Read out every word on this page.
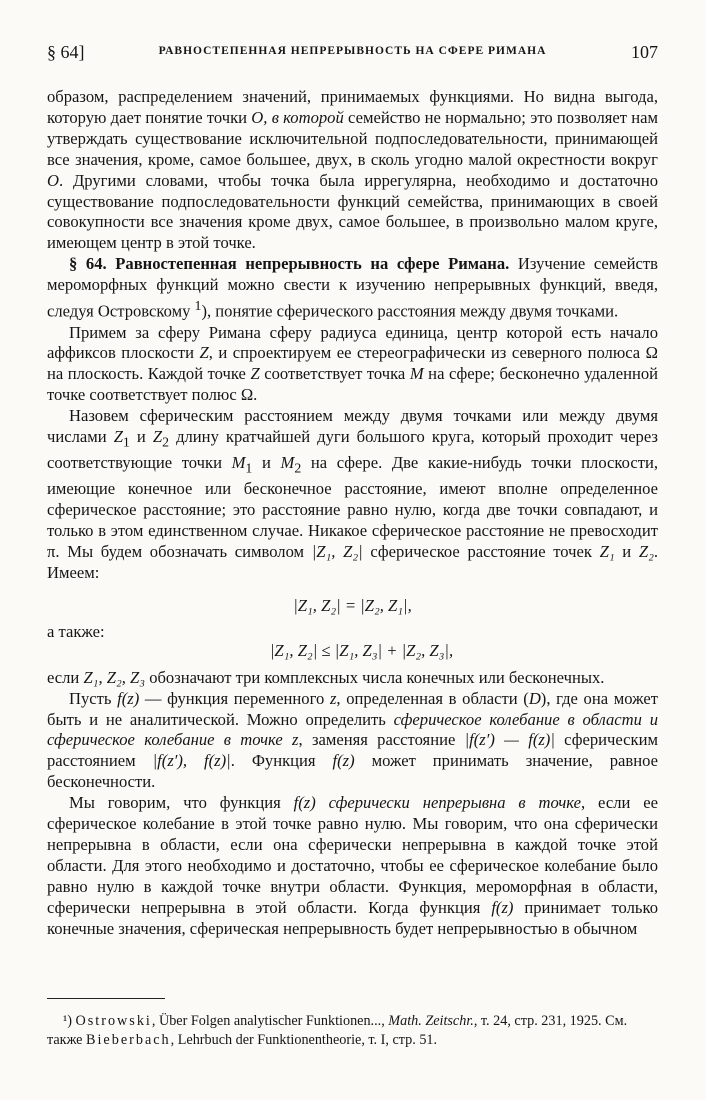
§ 64]	РАВНОСТЕПЕННАЯ НЕПРЕРЫВНОСТЬ НА СФЕРЕ РИМАНА	107

образом, распределением значений, принимаемых функциями. Но видна выгода, которую дает понятие точки O, в которой семейство не нормально; это позволяет нам утверждать существование исключительной подпоследовательности, принимающей все значения, кроме, самое большее, двух, в сколь угодно малой окрестности вокруг O. Другими словами, чтобы точка была иррегулярна, необходимо и достаточно существование подпоследовательности функций семейства, принимающих в своей совокупности все значения кроме двух, самое большее, в произвольно малом круге, имеющем центр в этой точке.

§ 64. Равностепенная непрерывность на сфере Римана. Изучение семейств мероморфных функций можно свести к изучению непрерывных функций, введя, следуя Островскому $^1$), понятие сферического расстояния между двумя точками.

Примем за сферу Римана сферу радиуса единица, центр которой есть начало аффиксов плоскости Z, и спроектируем ее стереографически из северного полюса Ω на плоскость. Каждой точке Z соответствует точка M на сфере; бесконечно удаленной точке соответствует полюс Ω.

Назовем сферическим расстоянием между двумя точками или между двумя числами $Z_1$ и $Z_2$ длину кратчайшей дуги большого круга, который проходит через соответствующие точки $M_1$ и $M_2$ на сфере. Две какие-нибудь точки плоскости, имеющие конечное или бесконечное расстояние, имеют вполне определенное сферическое расстояние; это расстояние равно нулю, когда две точки совпадают, и только в этом единственном случае. Никакое сферическое расстояние не превосходит π. Мы будем обозначать символом |Z₁, Z₂| сферическое расстояние точек Z₁ и Z₂. Имеем:

|Z₁, Z₂| = |Z₂, Z₁|,

а также:

|Z₁, Z₂| ≤ |Z₁, Z₃| + |Z₂, Z₃|,

если Z₁, Z₂, Z₃ обозначают три комплексных числа конечных или бесконечных.

Пусть f(z) — функция переменного z, определенная в области (D), где она может быть и не аналитической. Можно определить сферическое колебание в области и сферическое колебание в точке z, заменяя расстояние |f(z′) — f(z)| сферическим расстоянием |f(z′), f(z)|. Функция f(z) может принимать значение, равное бесконечности.

Мы говорим, что функция f(z) сферически непрерывна в точке, если ее сферическое колебание в этой точке равно нулю. Мы говорим, что она сферически непрерывна в области, если она сферически непрерывна в каждой точке этой области. Для этого необходимо и достаточно, чтобы ее сферическое колебание было равно нулю в каждой точке внутри области. Функция, мероморфная в области, сферически непрерывна в этой области. Когда функция f(z) принимает только конечные значения, сферическая непрерывность будет непрерывностью в обычном

¹) Ostrowski, Über Folgen analytischer Funktionen..., Math. Zeitschr., т. 24, стр. 231, 1925. См. также Bieberbach, Lehrbuch der Funktionentheorie, т. I, стр. 51.
